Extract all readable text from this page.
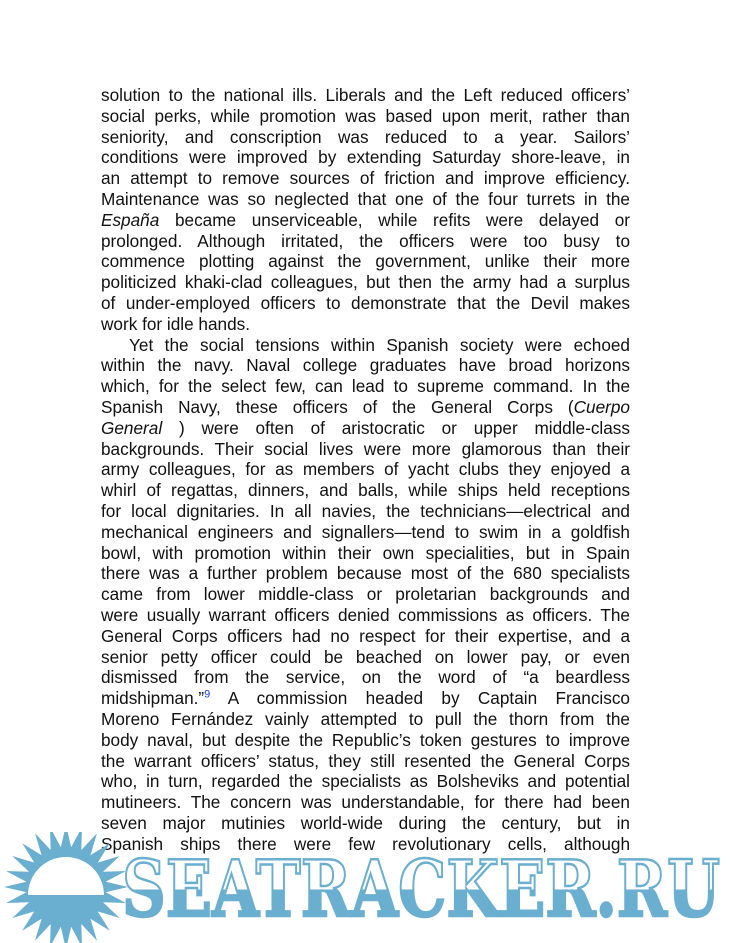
solution to the national ills. Liberals and the Left reduced officers’
social perks, while promotion was based upon merit, rather than
seniority, and conscription was reduced to a year. Sailors’
conditions were improved by extending Saturday shore-leave, in
an attempt to remove sources of friction and improve efficiency.
Maintenance was so neglected that one of the four turrets in the
España became unserviceable, while refits were delayed or
prolonged. Although irritated, the officers were too busy to
commence plotting against the government, unlike their more
politicized khaki-clad colleagues, but then the army had a surplus
of under-employed officers to demonstrate that the Devil makes
work for idle hands.
Yet the social tensions within Spanish society were echoed
within the navy. Naval college graduates have broad horizons
which, for the select few, can lead to supreme command. In the
Spanish Navy, these officers of the General Corps (Cuerpo
General ) were often of aristocratic or upper middle-class
backgrounds. Their social lives were more glamorous than their
army colleagues, for as members of yacht clubs they enjoyed a
whirl of regattas, dinners, and balls, while ships held receptions
for local dignitaries. In all navies, the technicians—electrical and
mechanical engineers and signallers—tend to swim in a goldfish
bowl, with promotion within their own specialities, but in Spain
there was a further problem because most of the 680 specialists
came from lower middle-class or proletarian backgrounds and
were usually warrant officers denied commissions as officers. The
General Corps officers had no respect for their expertise, and a
senior petty officer could be beached on lower pay, or even
dismissed from the service, on the word of “a beardless
midshipman.”$^9$ A commission headed by Captain Francisco
Moreno Fernández vainly attempted to pull the thorn from the
body naval, but despite the Republic’s token gestures to improve
the warrant officers’ status, they still resented the General Corps
who, in turn, regarded the specialists as Bolsheviks and potential
mutineers. The concern was understandable, for there had been
seven major mutinies world-wide during the century, but in
Spanish ships there were few revolutionary cells, although
SEATRACKER.RU
